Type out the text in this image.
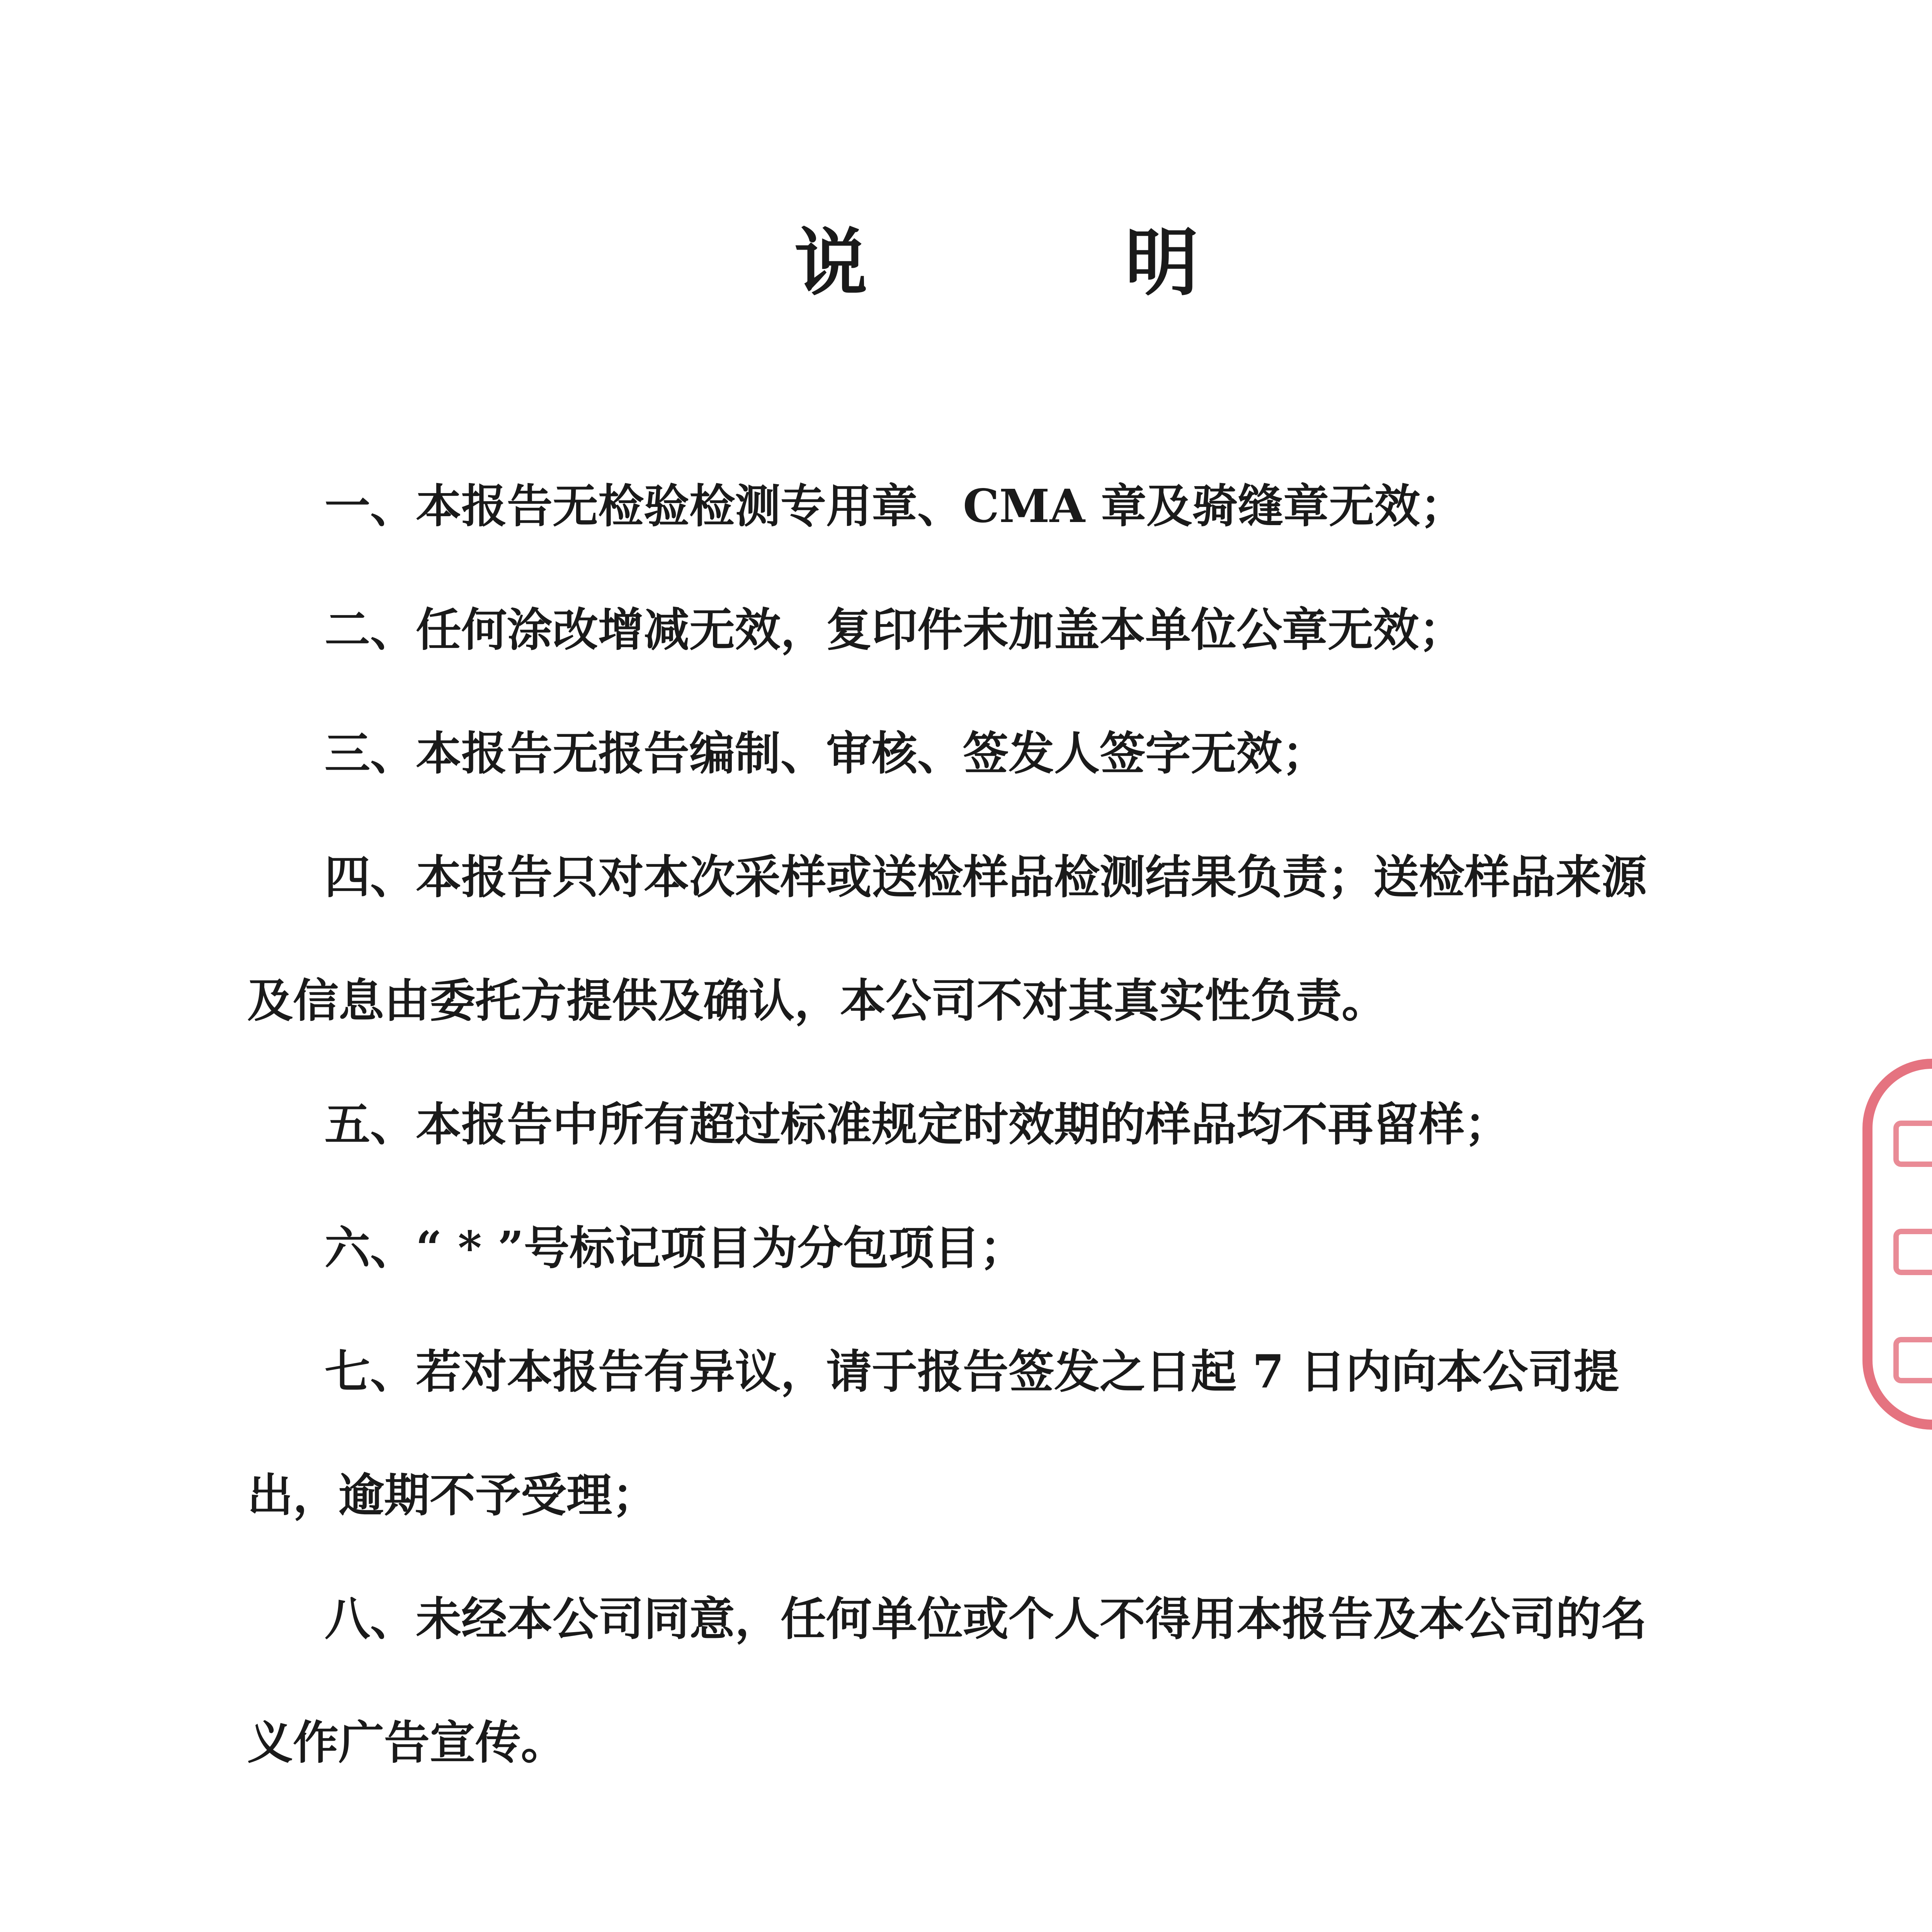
说 明

一、本报告无检验检测专用章、CMA 章及骑缝章无效；

二、任何涂改增减无效，复印件未加盖本单位公章无效；

三、本报告无报告编制、审核、签发人签字无效；

四、本报告只对本次采样或送检样品检测结果负责；送检样品来源及信息由委托方提供及确认，本公司不对其真实性负责。

五、本报告中所有超过标准规定时效期的样品均不再留样；

六、“ * ”号标记项目为分包项目；

七、若对本报告有异议，请于报告签发之日起 7 日内向本公司提出，逾期不予受理；

八、未经本公司同意，任何单位或个人不得用本报告及本公司的名义作广告宣传。
